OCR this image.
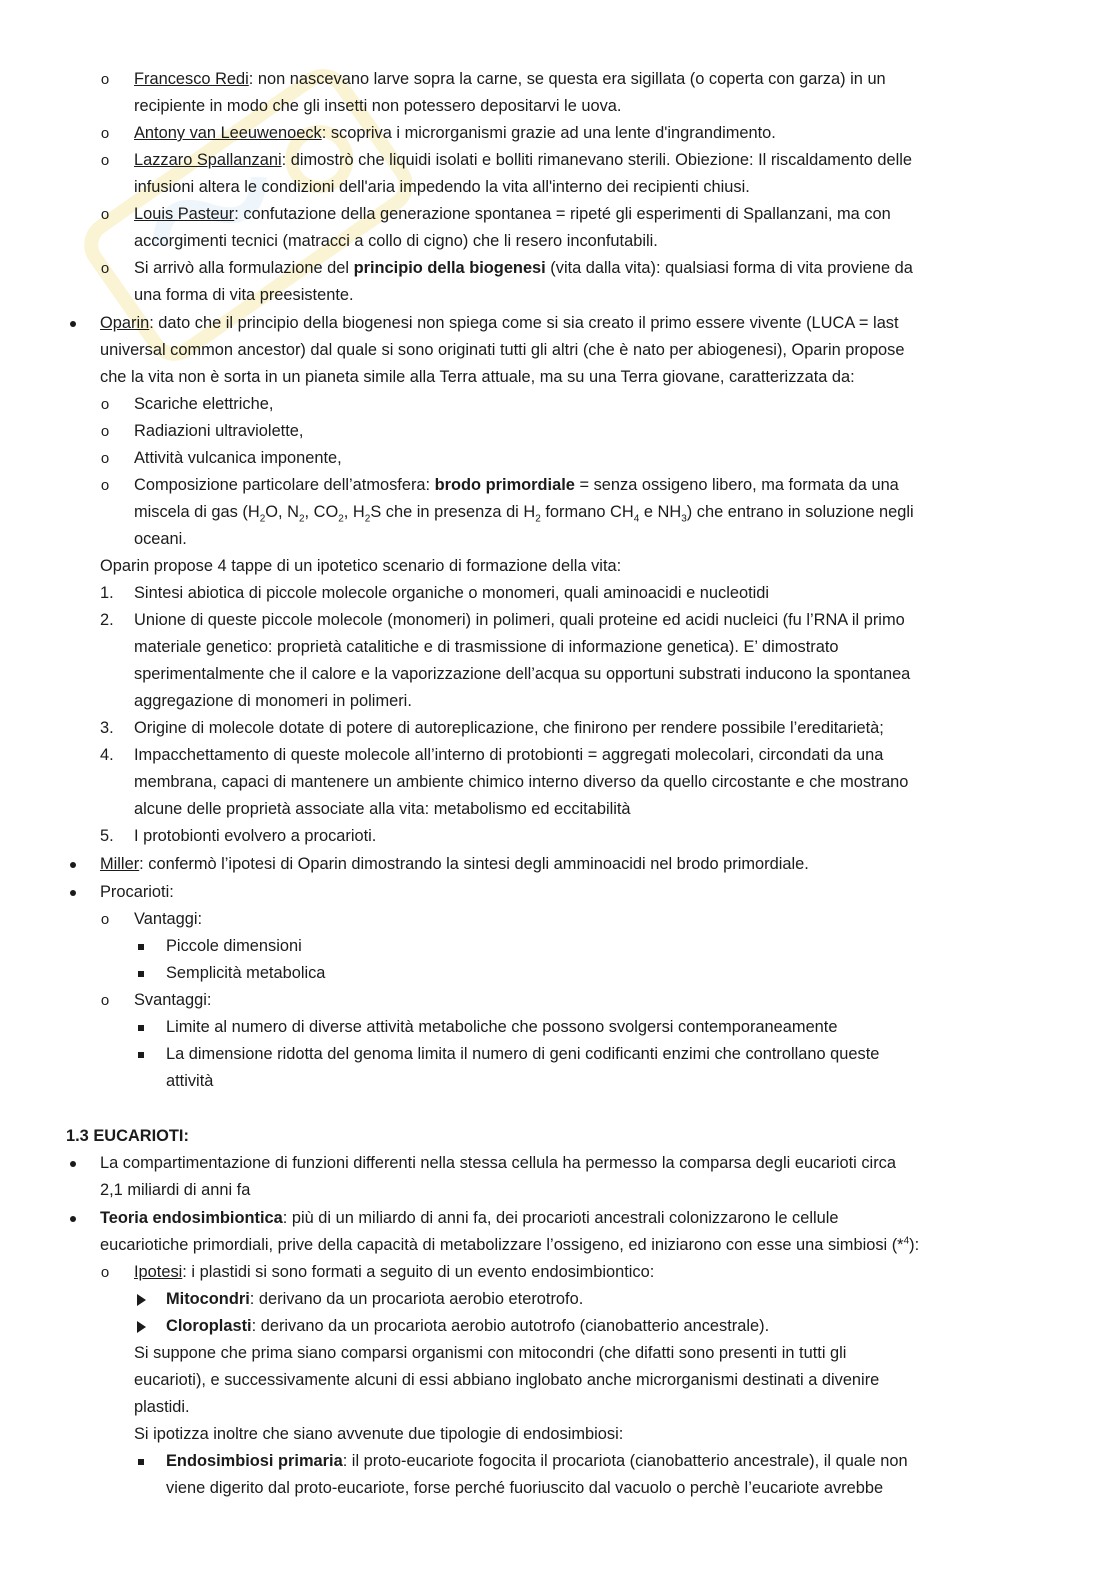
o Francesco Redi: non nascevano larve sopra la carne, se questa era sigillata (o coperta con garza) in un
recipiente in modo che gli insetti non potessero depositarvi le uova.
o Antony van Leeuwenoeck: scopriva i microrganismi grazie ad una lente d'ingrandimento.
o Lazzaro Spallanzani: dimostrò che liquidi isolati e bolliti rimanevano sterili. Obiezione: Il riscaldamento delle
infusioni altera le condizioni dell'aria impedendo la vita all'interno dei recipienti chiusi.
o Louis Pasteur: confutazione della generazione spontanea = ripeté gli esperimenti di Spallanzani, ma con
accorgimenti tecnici (matracci a collo di cigno) che li resero inconfutabili.
o Si arrivò alla formulazione del principio della biogenesi (vita dalla vita): qualsiasi forma di vita proviene da
una forma di vita preesistente.
Oparin: dato che il principio della biogenesi non spiega come si sia creato il primo essere vivente (LUCA = last
universal common ancestor) dal quale si sono originati tutti gli altri (che è nato per abiogenesi), Oparin propose
che la vita non è sorta in un pianeta simile alla Terra attuale, ma su una Terra giovane, caratterizzata da:
o Scariche elettriche,
o Radiazioni ultraviolette,
o Attività vulcanica imponente,
o Composizione particolare dell’atmosfera: brodo primordiale = senza ossigeno libero, ma formata da una
miscela di gas ($H_2O$, $N_2$, $CO_2$, $H_2S$ che in presenza di $H_2$ formano $CH_4$ e $NH_3$) che entrano in soluzione negli
oceani.
Oparin propose 4 tappe di un ipotetico scenario di formazione della vita:
1.	Sintesi abiotica di piccole molecole organiche o monomeri, quali aminoacidi e nucleotidi
2.	Unione di queste piccole molecole (monomeri) in polimeri, quali proteine ed acidi nucleici (fu l’RNA il primo
materiale genetico: proprietà catalitiche e di trasmissione di informazione genetica). E’ dimostrato
sperimentalmente che il calore e la vaporizzazione dell’acqua su opportuni substrati inducono la spontanea
aggregazione di monomeri in polimeri.
3.	Origine di molecole dotate di potere di autoreplicazione, che finirono per rendere possibile l’ereditarietà;
4.	Impacchettamento di queste molecole all’interno di protobionti = aggregati molecolari, circondati da una
membrana, capaci di mantenere un ambiente chimico interno diverso da quello circostante e che mostrano
alcune delle proprietà associate alla vita: metabolismo ed eccitabilità
5.	I protobionti evolvero a procarioti.
Miller: confermò l’ipotesi di Oparin dimostrando la sintesi degli amminoacidi nel brodo primordiale.
Procarioti:
o Vantaggi:
Piccole dimensioni
Semplicità metabolica
o Svantaggi:
Limite al numero di diverse attività metaboliche che possono svolgersi contemporaneamente
La dimensione ridotta del genoma limita il numero di geni codificanti enzimi che controllano queste
attività
1.3 EUCARIOTI:
La compartimentazione di funzioni differenti nella stessa cellula ha permesso la comparsa degli eucarioti circa
2,1 miliardi di anni fa
Teoria endosimbiontica: più di un miliardo di anni fa, dei procarioti ancestrali colonizzarono le cellule
eucariotiche primordiali, prive della capacità di metabolizzare l’ossigeno, ed iniziarono con esse una simbiosi (*$^4$):
o Ipotesi: i plastidi si sono formati a seguito di un evento endosimbiontico:
Mitocondri: derivano da un procariota aerobio eterotrofo.
Cloroplasti: derivano da un procariota aerobio autotrofo (cianobatterio ancestrale).
Si suppone che prima siano comparsi organismi con mitocondri (che difatti sono presenti in tutti gli
eucarioti), e successivamente alcuni di essi abbiano inglobato anche microrganismi destinati a divenire
plastidi.
Si ipotizza inoltre che siano avvenute due tipologie di endosimbiosi:
Endosimbiosi primaria: il proto-eucariote fogocita il procariota (cianobatterio ancestrale), il quale non
viene digerito dal proto-eucariote, forse perché fuoriuscito dal vacuolo o perchè l’eucariote avrebbe
